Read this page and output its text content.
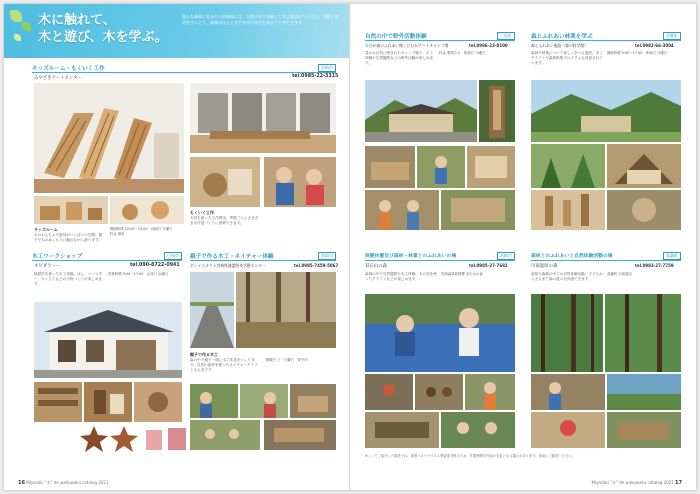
木に触れて、
木と遊び、木を学ぶ。
豊かな森林に恵まれた宮崎県には、自然の中で体験して学ぶ施設がたくさん。実際に木材を手にとり、森林のはたらきや木の大切さを知ることができます。
キッズルーム・もくいく工作	宮崎市
みやざきアートセンター	tel.0985-22-3315
キッズルーム
木のおもちゃや遊具がいっぱいの空間。親子で木のぬくもりに触れながら遊べます。
開館時間 10:00～20:00　休館日 火曜日
料金 無料
もくいく工作
木材を使った工作教室。季節ごとにさまざまな作品づくりに挑戦できます。
木工ワークショップ	日南市
オビダラシー	tel.090-8722-0941
飫肥杉を使った木工体験。はし、コースター、ペン立てなどの小物づくりが楽しめます。
営業時間 9:00～17:00　定休日 水曜日
親子で作る木工・ネイチャー体験	宮崎市
ボーイスカウト宮崎県連盟野外活動センター	tel.0985-7459-5067
親子で作る木工
森の中で親子一緒に木工作品をつくります。自然の素材を使ったネイチャークラフトも人気です。
開催日 土・日曜日　要予約
16 Miyazaki "木" de wakuwaku catalog 2021
自然の中で野外活動体験	三股町
ひむか森のふれあい館 / ひむかアートキャンプ場	tel.0986-23-8100
豊かな自然に囲まれたキャンプ場で、木工体験や自然観察などの野外活動が楽しめます。
料金 要問合せ　休館日 月曜日
森とふれあい林業を学ぶ	美郷町
森とふれあい施設（森の科学館）	tel.0982-66-3004
森林や林業について楽しく学べる施設。木工クラフトや森林散策プログラムも用意されています。
開館時間 9:00～17:00　休館日 月曜日
保健休養及び森林・林業とのふれあいの場	宮崎市
双石山の森	tel.0985-27-7682
森林の中で自然観察や木工体験、木の実を使ったクラフトなどが楽しめます。
宮崎森林管理署 双石山の森
森林とのふれあいと自然体験活動の場	高鍋町
川南湿原の森	tel.0983-27-7759
湿原や森林の中での自然体験活動。子どもから大人まで森の恵みを体感できます。
高鍋町 川南湿原
※ここでご紹介した施設では、新型コロナウイルス感染症対策のため、営業時間や内容が変更となる場合があります。事前にご確認ください。
Miyazaki "木" de wakuwaku catalog 2021 17
